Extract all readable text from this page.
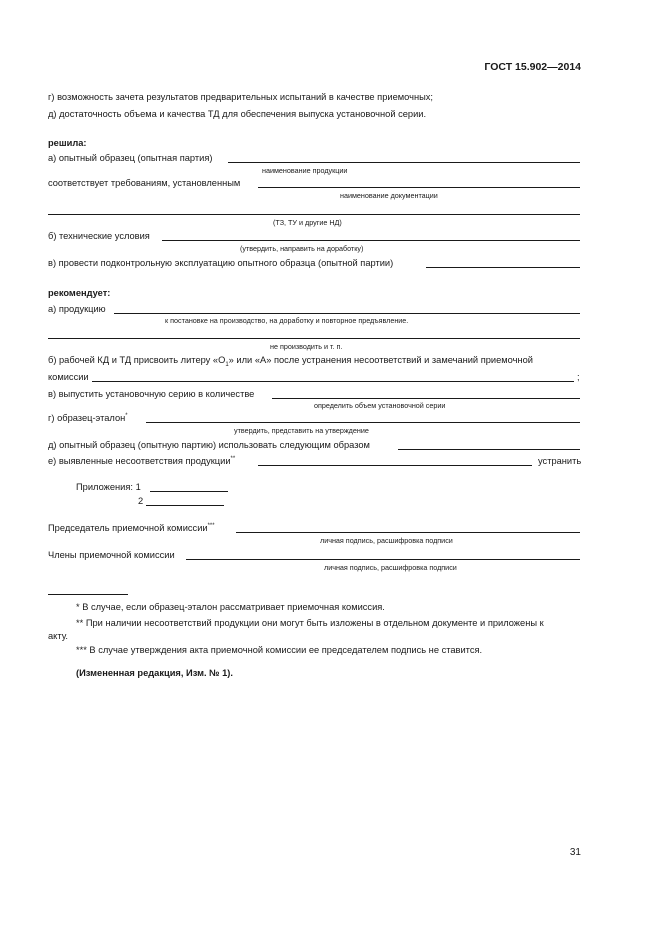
ГОСТ 15.902—2014
г) возможность зачета результатов предварительных испытаний в качестве приемочных;
д) достаточность объема и качества ТД для обеспечения выпуска установочной серии.
решила:
а) опытный образец (опытная партия)
наименование продукции
соответствует требованиям, установленным
наименование документации
(ТЗ, ТУ и другие НД)
б) технические условия
(утвердить, направить на доработку)
в) провести подконтрольную эксплуатацию опытного образца (опытной партии)
рекомендует:
а) продукцию
к постановке на производство, на доработку и повторное предъявление.
не производить и т. п.
б) рабочей КД и ТД присвоить литеру «$О_1$» или «А» после устранения несоответствий и замечаний приемочной
комиссии	;
в) выпустить установочную серию в количестве
определить объем установочной серии
г) образец-эталон*
утвердить, представить на утверждение
д) опытный образец (опытную партию) использовать следующим образом
е) выявленные несоответствия продукции**	устранить
Приложения: 1
2
Председатель приемочной комиссии***
личная подпись, расшифровка подписи
Члены приемочной комиссии
личная подпись, расшифровка подписи
* В случае, если образец-эталон рассматривает приемочная комиссия.
** При наличии несоответствий продукции они могут быть изложены в отдельном документе и приложены к
акту.
*** В случае утверждения акта приемочной комиссии ее председателем подпись не ставится.
(Измененная редакция, Изм. № 1).
31
